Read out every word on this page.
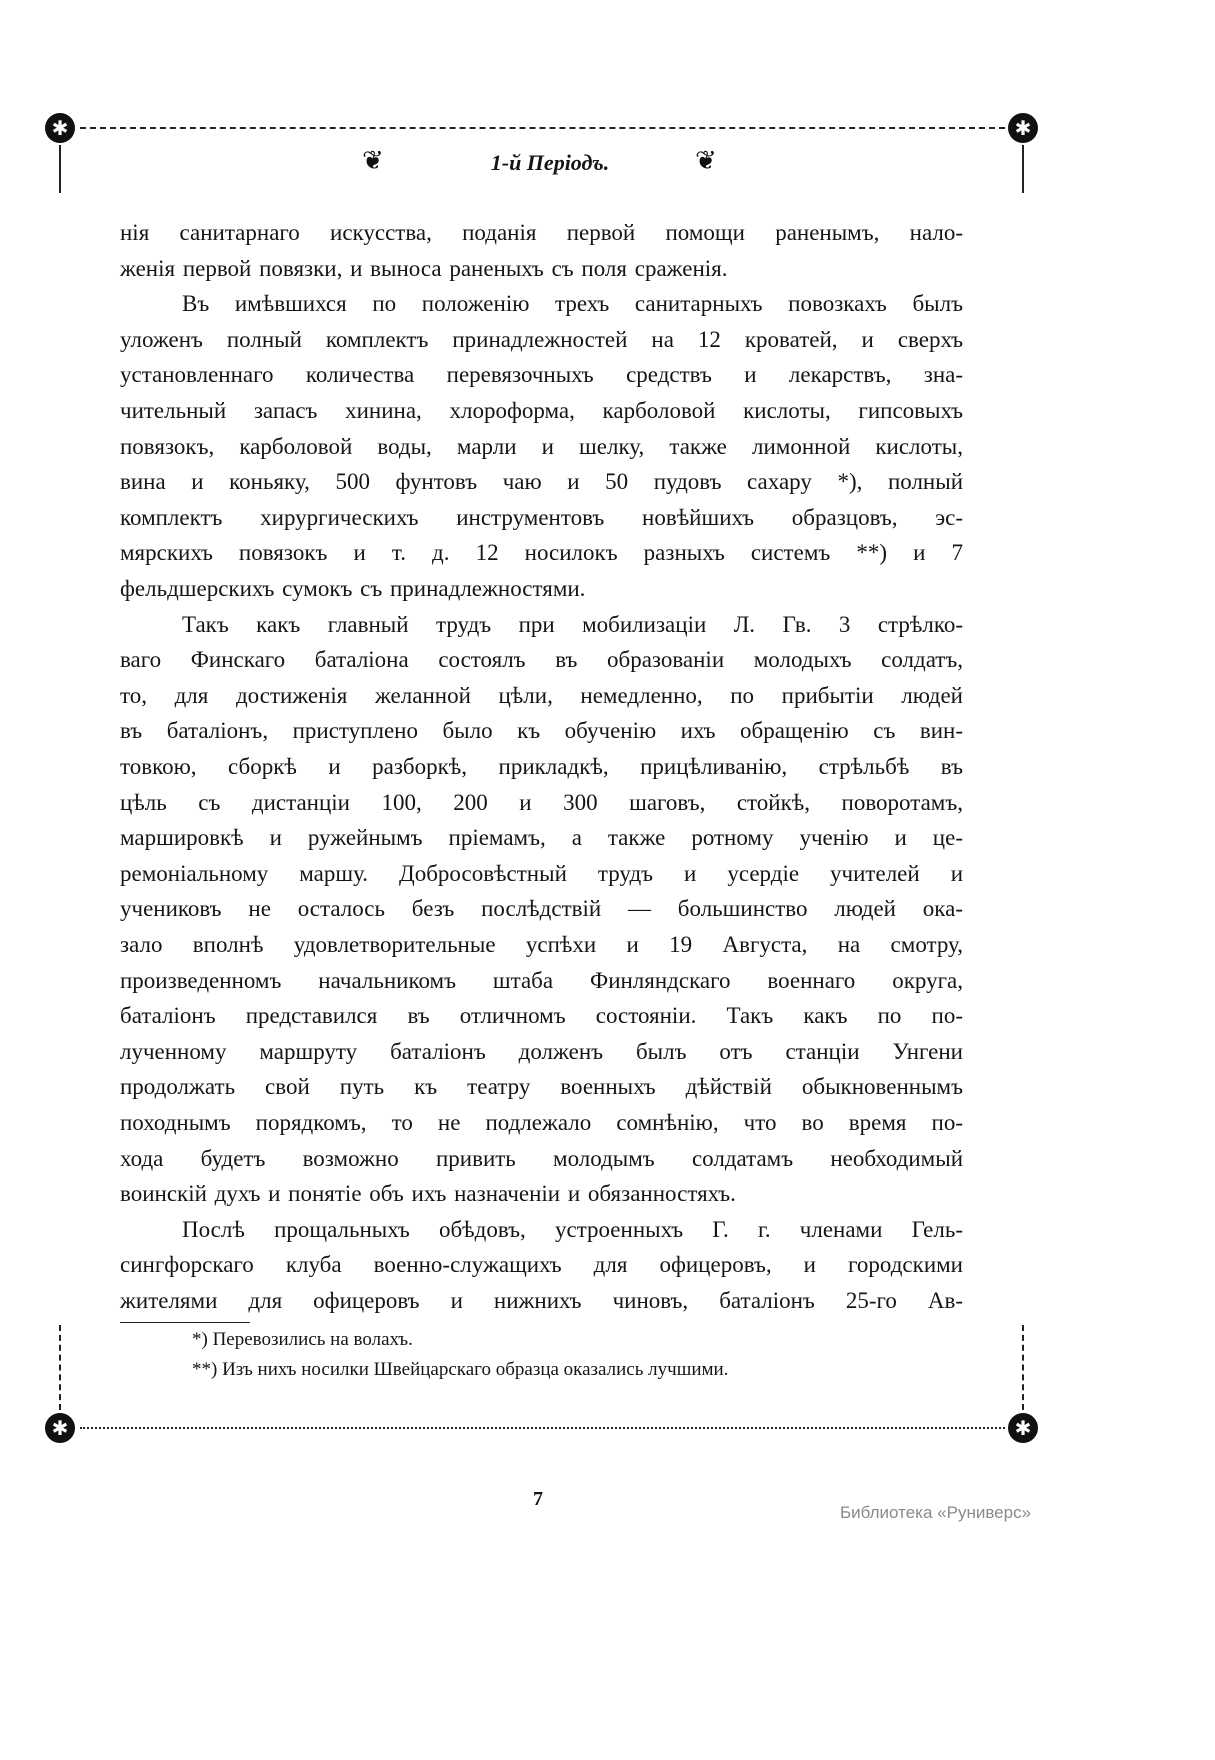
✱
✱
✱
✱
❦	1-й Періодъ.	❦
нія санитарнаго искусства, поданія первой помощи раненымъ, нало-
женія первой повязки, и выноса раненыхъ съ поля сраженія.
Въ имѣвшихся по положенію трехъ санитарныхъ повозкахъ былъ
уложенъ полный комплектъ принадлежностей на 12 кроватей, и сверхъ
установленнаго количества перевязочныхъ средствъ и лекарствъ, зна-
чительный запасъ хинина, хлороформа, карболовой кислоты, гипсовыхъ
повязокъ, карболовой воды, марли и шелку, также лимонной кислоты,
вина и коньяку, 500 фунтовъ чаю и 50 пудовъ сахару *), полный
комплектъ хирургическихъ инструментовъ новѣйшихъ образцовъ, эс-
мярскихъ повязокъ и т. д. 12 носилокъ разныхъ системъ **) и 7
фельдшерскихъ сумокъ съ принадлежностями.
Такъ какъ главный трудъ при мобилизаціи Л. Гв. 3 стрѣлко-
ваго Финскаго баталіона состоялъ въ образованіи молодыхъ солдатъ,
то, для достиженія желанной цѣли, немедленно, по прибытіи людей
въ баталіонъ, приступлено было къ обученію ихъ обращенію съ вин-
товкою, сборкѣ и разборкѣ, прикладкѣ, прицѣливанію, стрѣльбѣ въ
цѣль съ дистанціи 100, 200 и 300 шаговъ, стойкѣ, поворотамъ,
маршировкѣ и ружейнымъ пріемамъ, а также ротному ученію и це-
ремоніальному маршу. Добросовѣстный трудъ и усердіе учителей и
учениковъ не осталось безъ послѣдствій — большинство людей ока-
зало вполнѣ удовлетворительные успѣхи и 19 Августа, на смотру,
произведенномъ начальникомъ штаба Финляндскаго военнаго округа,
баталіонъ представился въ отличномъ состояніи. Такъ какъ по по-
лученному маршруту баталіонъ долженъ былъ отъ станціи Унгени
продолжать свой путь къ театру военныхъ дѣйствій обыкновеннымъ
походнымъ порядкомъ, то не подлежало сомнѣнію, что во время по-
хода будетъ возможно привить молодымъ солдатамъ необходимый
воинскій духъ и понятіе объ ихъ назначеніи и обязанностяхъ.
Послѣ прощальныхъ обѣдовъ, устроенныхъ Г. г. членами Гель-
сингфорскаго клуба военно-служащихъ для офицеровъ, и городскими
жителями для офицеровъ и нижнихъ чиновъ, баталіонъ 25-го Ав-
*) Перевозились на волахъ.
**) Изъ нихъ носилки Швейцарскаго образца оказались лучшими.
7
Библиотека «Руниверс»
